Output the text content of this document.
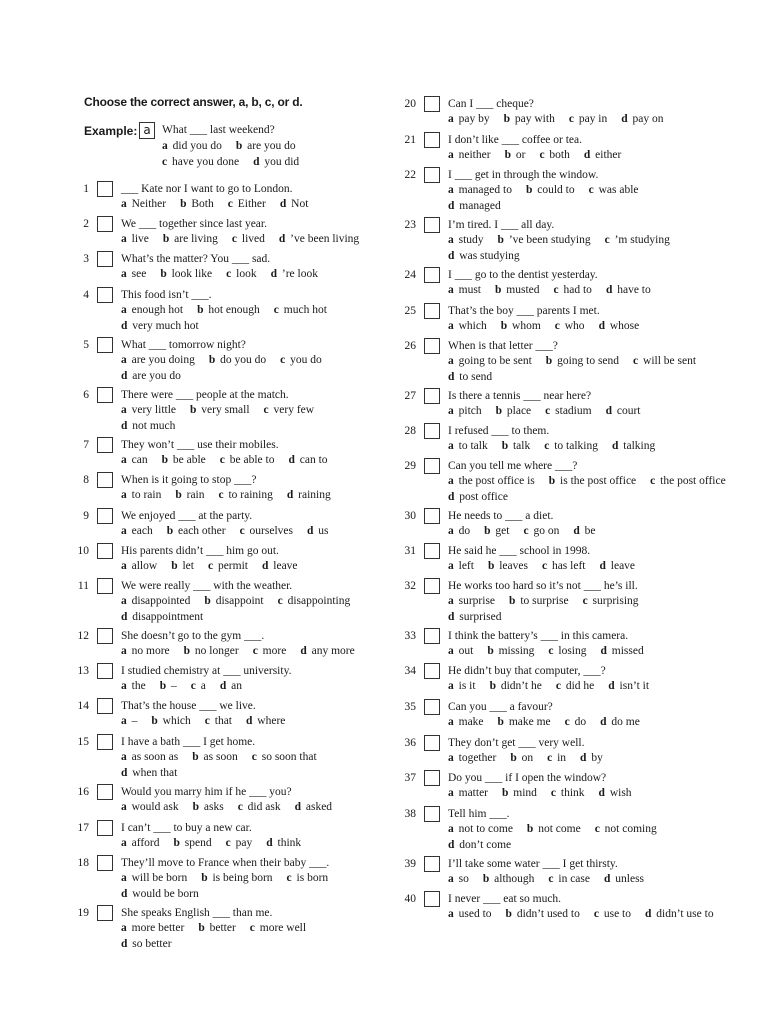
Choose the correct answer, a, b, c, or d.
Example: a What ___ last weekend?
a did you do b are you do
c have you done d you did
1	___ Kate nor I want to go to London.
a Neither b Both c Either d Not
2	We ___ together since last year.
a live b are living c lived d ’ve been living
3	What’s the matter? You ___ sad.
a see b look like c look d ’re look
4	This food isn’t ___.
a enough hot b hot enough c much hot
d very much hot
5	What ___ tomorrow night?
a are you doing b do you do c you do
d are you do
6	There were ___ people at the match.
a very little b very small c very few
d not much
7	They won’t ___ use their mobiles.
a can b be able c be able to d can to
8	When is it going to stop ___?
a to rain b rain c to raining d raining
9	We enjoyed ___ at the party.
a each b each other c ourselves d us
10	His parents didn’t ___ him go out.
a allow b let c permit d leave
11	We were really ___ with the weather.
a disappointed b disappoint c disappointing
d disappointment
12	She doesn’t go to the gym ___.
a no more b no longer c more d any more
13	I studied chemistry at ___ university.
a the b – c a d an
14	That’s the house ___ we live.
a – b which c that d where
15	I have a bath ___ I get home.
a as soon as b as soon c so soon that
d when that
16	Would you marry him if he ___ you?
a would ask b asks c did ask d asked
17	I can’t ___ to buy a new car.
a afford b spend c pay d think
18	They’ll move to France when their baby ___.
a will be born b is being born c is born
d would be born
19	She speaks English ___ than me.
a more better b better c more well
d so better
20	Can I ___ cheque?
a pay by b pay with c pay in d pay on
21	I don’t like ___ coffee or tea.
a neither b or c both d either
22	I ___ get in through the window.
a managed to b could to c was able
d managed
23	I’m tired. I ___ all day.
a study b ’ve been studying c ’m studying
d was studying
24	I ___ go to the dentist yesterday.
a must b musted c had to d have to
25	That’s the boy ___ parents I met.
a which b whom c who d whose
26	When is that letter ___?
a going to be sent b going to send c will be sent
d to send
27	Is there a tennis ___ near here?
a pitch b place c stadium d court
28	I refused ___ to them.
a to talk b talk c to talking d talking
29	Can you tell me where ___?
a the post office is b is the post office c the post office
d post office
30	He needs to ___ a diet.
a do b get c go on d be
31	He said he ___ school in 1998.
a left b leaves c has left d leave
32	He works too hard so it’s not ___ he’s ill.
a surprise b to surprise c surprising
d surprised
33	I think the battery’s ___ in this camera.
a out b missing c losing d missed
34	He didn’t buy that computer, ___?
a is it b didn’t he c did he d isn’t it
35	Can you ___ a favour?
a make b make me c do d do me
36	They don’t get ___ very well.
a together b on c in d by
37	Do you ___ if I open the window?
a matter b mind c think d wish
38	Tell him ___.
a not to come b not come c not coming
d don’t come
39	I’ll take some water ___ I get thirsty.
a so b although c in case d unless
40	I never ___ eat so much.
a used to b didn’t used to c use to d didn’t use to
